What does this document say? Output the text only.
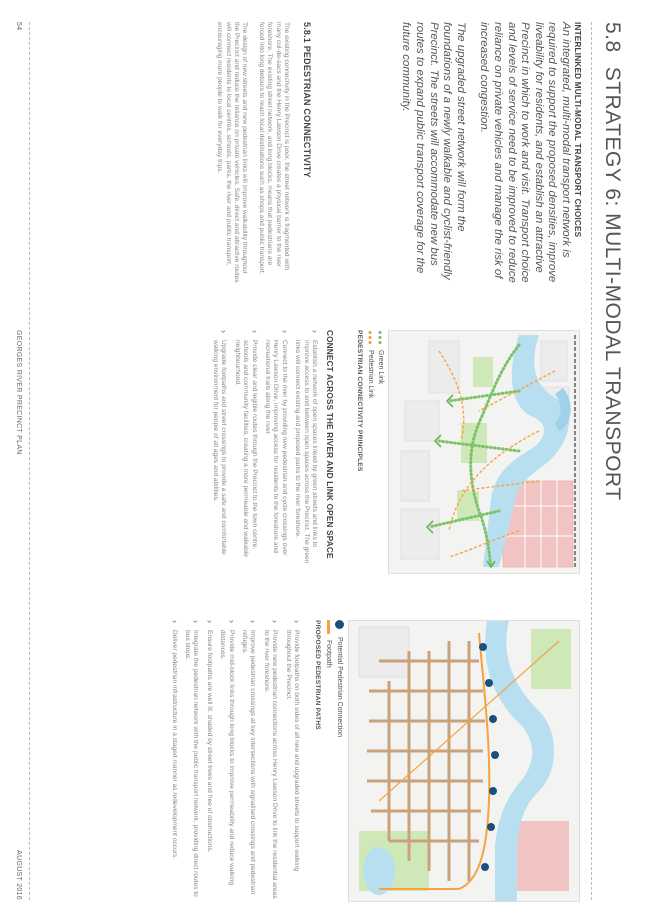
5.8STRATEGY 6: MULTI-MODAL TRANSPORT
INTERLINKED MULTI-MODAL TRANSPORT CHOICES

An integrated, multi-modal transport network is required to support the proposed densities, improve liveability for residents, and establish an attractive Precinct in which to work and visit. Transport choice and levels of service need to be improved to reduce reliance on private vehicles and manage the risk of increased congestion.

The upgraded street network will form the foundations of a newly walkable and cyclist-friendly Precinct. The streets will accommodate new bus routes to expand public transport coverage for the future community.

5.8.1 PEDESTRIAN CONNECTIVITY

The existing connectivity in the Precinct is poor, the street network is fragmented with many cul-de-sacs and the Henry Lawson Drive creates a physical barrier to the river foreshore. The existing street network, and long blocks, means that pedestrians are forced into long detours to reach local destinations such as shops and public transport.

The design of new streets and new pedestrian links will improve walkability throughout the Precinct and reduce the reliance on private vehicles. Safe, direct and attractive routes will connect residents to local centres, schools, parks, the river and public transport, encouraging more people to walk for everyday trips.

Green Link
Pedestrian Link
PEDESTRIAN CONNECTIVITY PRINCIPLES
CONNECT ACROSS THE RIVER AND LINK OPEN SPACE
› Establish a network of open spaces linked by green streets and links to improve access to and between open spaces across the Precinct. The green links will connect existing and proposed parks to the river foreshore.
› Connect to the river by providing new pedestrian and cycle crossings over Henry Lawson Drive, improving access for residents to the foreshore and recreational trails along the river.
› Provide clear and legible routes through the Precinct to the town centre, schools and community facilities, creating a more permeable and walkable neighbourhood.
› Upgrade footpaths and street crossings to provide a safe and comfortable walking environment for people of all ages and abilities.
Potential Pedestrian Connection
Footpath
PROPOSED PEDESTRIAN PATHS
› Provide footpaths on both sides of all new and upgraded streets to support walking throughout the Precinct.
› Provide new pedestrian connections across Henry Lawson Drive to link the residential areas to the river foreshore.
› Improve pedestrian crossings at key intersections with signalised crossings and pedestrian refuges.
› Provide mid-block links through long blocks to improve permeability and reduce walking distances.
› Ensure footpaths are well lit, shaded by street trees and free of obstructions.
› Integrate the pedestrian network with the public transport network, providing direct routes to bus stops.
› Deliver pedestrian infrastructure in a staged manner as redevelopment occurs.
54
GEORGES RIVER PRECINCT PLAN
AUGUST 2016
